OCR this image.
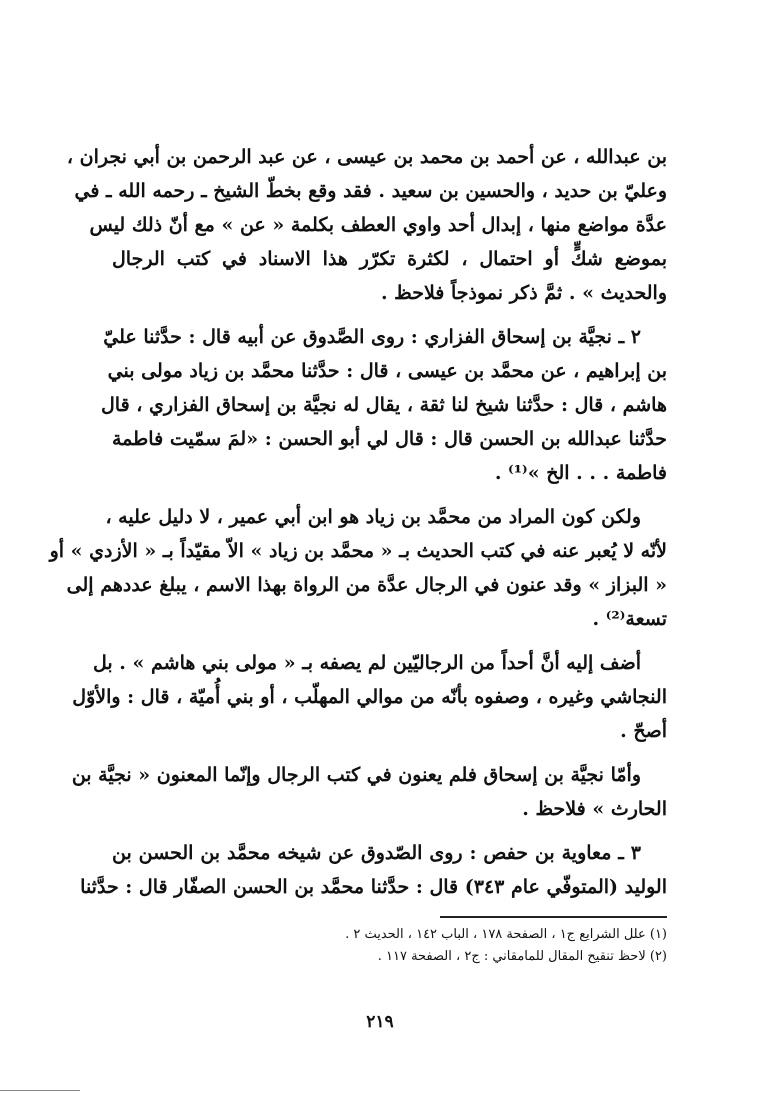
بن عبدالله ، عن أحمد بن محمد بن عيسى ، عن عبد الرحمن بن أبي نجران ،
وعليّ بن حديد ، والحسين بن سعيد . فقد وقع بخطّ الشيخ ـ رحمه الله ـ في
عدَّة مواضع منها ، إبدال أحد واوي العطف بكلمة « عن » مع أنّ ذلك ليس
بموضع شكٍّ أو احتمال ، لكثرة تكرّر هذا الاسناد في كتب الرجال
والحديث » . ثمَّ ذكر نموذجاً فلاحظ .
٢ ـ نجيَّة بن إسحاق الفزاري : روى الصَّدوق عن أبيه قال : حدَّثنا عليّ
بن إبراهيم ، عن محمَّد بن عيسى ، قال : حدَّثنا محمَّد بن زياد مولى بني
هاشم ، قال : حدَّثنا شيخ لنا ثقة ، يقال له نجيَّة بن إسحاق الفزاري ، قال
حدَّثنا عبدالله بن الحسن قال : قال لي أبو الحسن : «لمَ سمّيت فاطمة
فاطمة . . . الخ »⁽¹⁾ .
ولكن كون المراد من محمَّد بن زياد هو ابن أبي عمير ، لا دليل عليه ،
لأنّه لا يُعبر عنه في كتب الحديث بـ « محمَّد بن زياد » الاّ مقيّداً بـ « الأزدي » أو
« البزاز » وقد عنون في الرجال عدَّة من الرواة بهذا الاسم ، يبلغ عددهم إلى
تسعة⁽²⁾ .
أضف إليه أنَّ أحداً من الرجاليّين لم يصفه بـ « مولى بني هاشم » . بل
النجاشي وغيره ، وصفوه بأنّه من موالي المهلّب ، أو بني أُميّة ، قال : والأوّل
أصحّ .
وأمّا نجيَّة بن إسحاق فلم يعنون في كتب الرجال وإنّما المعنون « نجيَّة بن
الحارث » فلاحظ .
٣ ـ معاوية بن حفص : روى الصّدوق عن شيخه محمَّد بن الحسن بن
الوليد (المتوفّي عام ٣٤٣) قال : حدَّثنا محمَّد بن الحسن الصفّار قال : حدَّثنا
(١) علل الشرايع ج١ ، الصفحة ١٧٨ ، الباب ١٤٢ ، الحديث ٢ .
(٢) لاحظ تنقيح المقال للمامقاني : ج٢ ، الصفحة ١١٧ .
٢١٩
